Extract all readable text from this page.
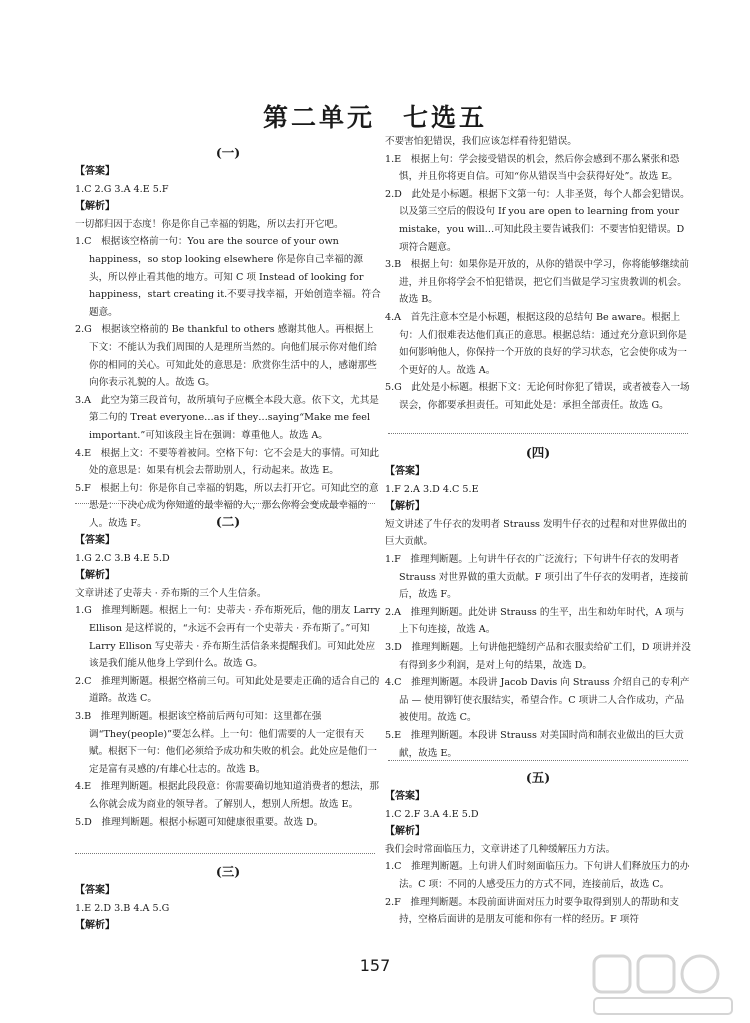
第二单元　七选五
(一)
【答案】
1.C 2.G 3.A 4.E 5.F
【解析】
一切都归因于态度！你是你自己幸福的钥匙，所以去打开它吧。
1.C　根据该空格前一句：You are the source of your own happiness，so stop looking elsewhere 你是你自己幸福的源头，所以停止看其他的地方。可知 C 项 Instead of looking for happiness，start creating it.不要寻找幸福，开始创造幸福。符合题意。
2.G　根据该空格前的 Be thankful to others 感谢其他人。再根据上下文：不能认为我们周围的人是理所当然的。向他们展示你对他们给你的相同的关心。可知此处的意思是：欣赏你生活中的人，感谢那些向你表示礼貌的人。故选 G。
3.A　此空为第三段首句，故所填句子应概全本段大意。依下文，尤其是第二句的 Treat everyone…as if they…saying“Make me feel important.”可知该段主旨在强调：尊重他人。故选 A。
4.E　根据上文：不要等着被问。空格下句：它不会是大的事情。可知此处的意思是：如果有机会去帮助别人，行动起来。故选 E。
5.F　根据上句：你是你自己幸福的钥匙，所以去打开它。可知此空的意思是：下决心成为你知道的最幸福的人，那么你将会变成最幸福的人。故选 F。	(二)
【答案】
1.G 2.C 3.B 4.E 5.D
【解析】
文章讲述了史蒂夫 · 乔布斯的三个人生信条。
1.G　推理判断题。根据上一句：史蒂夫 · 乔布斯死后，他的朋友 Larry Ellison 是这样说的，“永远不会再有一个史蒂夫 · 乔布斯了。”可知 Larry Ellison 写史蒂夫 · 乔布斯生活信条来提醒我们。可知此处应该是我们能从他身上学到什么。故选 G。
2.C　推理判断题。根据空格前三句。可知此处是要走正确的适合自己的道路。故选 C。
3.B　推理判断题。根据该空格前后两句可知：这里都在强调“They(people)”要怎么样。上一句：他们需要的人一定很有天赋。根据下一句：他们必须给予成功和失败的机会。此处应是他们一定是富有灵感的/有雄心壮志的。故选 B。
4.E　推理判断题。根据此段段意：你需要确切地知道消费者的想法，那么你就会成为商业的领导者。了解别人，想别人所想。故选 E。
5.D　推理判断题。根据小标题可知健康很重要。故选 D。
(三)
【答案】
1.E 2.D 3.B 4.A 5.G
【解析】
不要害怕犯错误，我们应该怎样看待犯错误。
1.E　根据上句：学会接受错误的机会，然后你会感到不那么紧张和恐惧，并且你将更自信。可知“你从错误当中会获得好处”。故选 E。
2.D　此处是小标题。根据下文第一句：人非圣贤，每个人都会犯错误。以及第三空后的假设句 If you are open to learning from your mistake，you will…可知此段主要告诫我们：不要害怕犯错误。D 项符合题意。
3.B　根据上句：如果你是开放的，从你的错误中学习，你将能够继续前进，并且你将学会不怕犯错误，把它们当做是学习宝贵教训的机会。故选 B。
4.A　首先注意本空是小标题，根据这段的总结句 Be aware。根据上句：人们很难表达他们真正的意思。根据总结：通过充分意识到你是如何影响他人，你保持一个开放的良好的学习状态，它会使你成为一个更好的人。故选 A。
5.G　此处是小标题。根据下文：无论何时你犯了错误，或者被卷入一场误会，你都要承担责任。可知此处是：承担全部责任。故选 G。
(四)
【答案】
1.F 2.A 3.D 4.C 5.E
【解析】
短文讲述了牛仔衣的发明者 Strauss 发明牛仔衣的过程和对世界做出的巨大贡献。
1.F　推理判断题。上句讲牛仔衣的广泛流行；下句讲牛仔衣的发明者 Strauss 对世界做的重大贡献。F 项引出了牛仔衣的发明者，连接前后，故选 F。
2.A　推理判断题。此处讲 Strauss 的生平，出生和幼年时代，A 项与上下句连接，故选 A。
3.D　推理判断题。上句讲他把缝纫产品和衣服卖给矿工们，D 项讲并没有得到多少利润，是对上句的结果，故选 D。
4.C　推理判断题。本段讲 Jacob Davis 向 Strauss 介绍自己的专利产品 — 使用铆钉使衣服结实，希望合作。C 项讲二人合作成功，产品被使用。故选 C。
5.E　推理判断题。本段讲 Strauss 对美国时尚和制衣业做出的巨大贡献，故选 E。
(五)
【答案】
1.C 2.F 3.A 4.E 5.D
【解析】
我们会时常面临压力，文章讲述了几种缓解压力方法。
1.C　推理判断题。上句讲人们时刻面临压力。下句讲人们释放压力的办法。C 项：不同的人感受压力的方式不同，连接前后，故选 C。
2.F　推理判断题。本段前面讲面对压力时要争取得到别人的帮助和支持，空格后面讲的是朋友可能和你有一样的经历。F 项符
157
